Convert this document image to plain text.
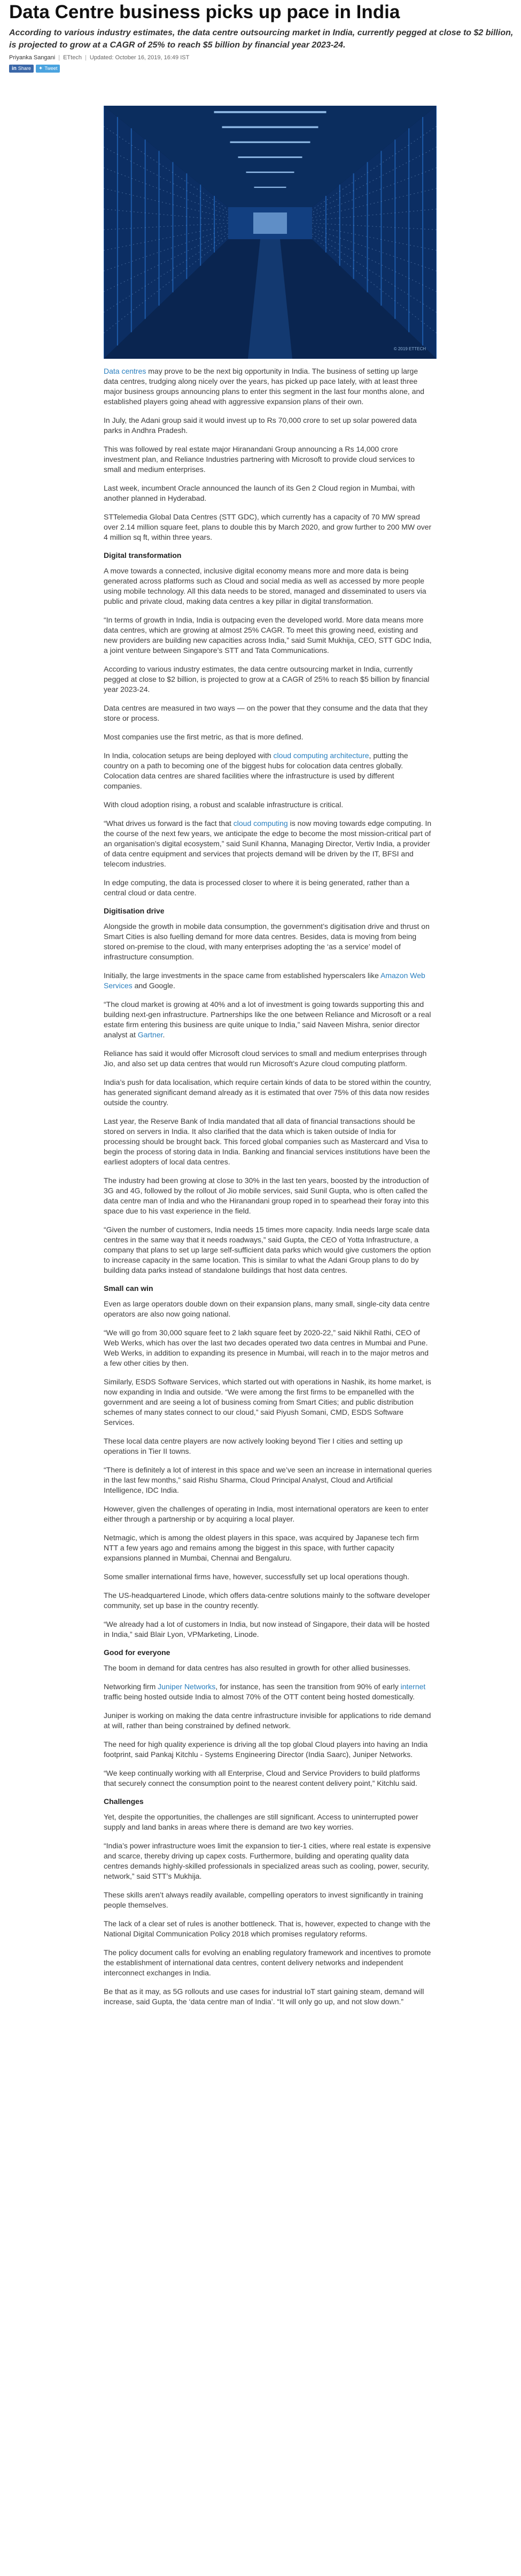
Data Centre business picks up pace in India

According to various industry estimates, the data centre outsourcing market in India, currently pegged at close to $2 billion, is projected to grow at a CAGR of 25% to reach $5 billion by financial year 2023-24.

Priyanka Sangani | ETtech | Updated: October 16, 2019, 16:49 IST
in Share ✦ Tweet
© 2019 ETTECH

Data centres may prove to be the next big opportunity in India. The business of setting up large data centres, trudging along nicely over the years, has picked up pace lately, with at least three major business groups announcing plans to enter this segment in the last four months alone, and established players going ahead with aggressive expansion plans of their own.

In July, the Adani group said it would invest up to Rs 70,000 crore to set up solar powered data parks in Andhra Pradesh.

This was followed by real estate major Hiranandani Group announcing a Rs 14,000 crore investment plan, and Reliance Industries partnering with Microsoft to provide cloud services to small and medium enterprises.

Last week, incumbent Oracle announced the launch of its Gen 2 Cloud region in Mumbai, with another planned in Hyderabad.

STTelemedia Global Data Centres (STT GDC), which currently has a capacity of 70 MW spread over 2.14 million square feet, plans to double this by March 2020, and grow further to 200 MW over 4 million sq ft, within three years.

Digital transformation

A move towards a connected, inclusive digital economy means more and more data is being generated across platforms such as Cloud and social media as well as accessed by more people using mobile technology. All this data needs to be stored, managed and disseminated to users via public and private cloud, making data centres a key pillar in digital transformation.

“In terms of growth in India, India is outpacing even the developed world. More data means more data centres, which are growing at almost 25% CAGR. To meet this growing need, existing and new providers are building new capacities across India,” said Sumit Mukhija, CEO, STT GDC India, a joint venture between Singapore’s STT and Tata Communications.

According to various industry estimates, the data centre outsourcing market in India, currently pegged at close to $2 billion, is projected to grow at a CAGR of 25% to reach $5 billion by financial year 2023-24.

Data centres are measured in two ways — on the power that they consume and the data that they store or process.

Most companies use the first metric, as that is more defined.

In India, colocation setups are being deployed with cloud computing architecture, putting the country on a path to becoming one of the biggest hubs for colocation data centres globally. Colocation data centres are shared facilities where the infrastructure is used by different companies.

With cloud adoption rising, a robust and scalable infrastructure is critical.

“What drives us forward is the fact that cloud computing is now moving towards edge computing. In the course of the next few years, we anticipate the edge to become the most mission-critical part of an organisation’s digital ecosystem,” said Sunil Khanna, Managing Director, Vertiv India, a provider of data centre equipment and services that projects demand will be driven by the IT, BFSI and telecom industries.

In edge computing, the data is processed closer to where it is being generated, rather than a central cloud or data centre.

Digitisation drive

Alongside the growth in mobile data consumption, the government’s digitisation drive and thrust on Smart Cities is also fuelling demand for more data centres. Besides, data is moving from being stored on-premise to the cloud, with many enterprises adopting the ‘as a service’ model of infrastructure consumption.

Initially, the large investments in the space came from established hyperscalers like Amazon Web Services and Google.

“The cloud market is growing at 40% and a lot of investment is going towards supporting this and building next-gen infrastructure. Partnerships like the one between Reliance and Microsoft or a real estate firm entering this business are quite unique to India,” said Naveen Mishra, senior director analyst at Gartner.

Reliance has said it would offer Microsoft cloud services to small and medium enterprises through Jio, and also set up data centres that would run Microsoft’s Azure cloud computing platform.

India’s push for data localisation, which require certain kinds of data to be stored within the country, has generated significant demand already as it is estimated that over 75% of this data now resides outside the country.

Last year, the Reserve Bank of India mandated that all data of financial transactions should be stored on servers in India. It also clarified that the data which is taken outside of India for processing should be brought back. This forced global companies such as Mastercard and Visa to begin the process of storing data in India. Banking and financial services institutions have been the earliest adopters of local data centres.

The industry had been growing at close to 30% in the last ten years, boosted by the introduction of 3G and 4G, followed by the rollout of Jio mobile services, said Sunil Gupta, who is often called the data centre man of India and who the Hiranandani group roped in to spearhead their foray into this space due to his vast experience in the field.

“Given the number of customers, India needs 15 times more capacity. India needs large scale data centres in the same way that it needs roadways,” said Gupta, the CEO of Yotta Infrastructure, a company that plans to set up large self-sufficient data parks which would give customers the option to increase capacity in the same location. This is similar to what the Adani Group plans to do by building data parks instead of standalone buildings that host data centres.

Small can win

Even as large operators double down on their expansion plans, many small, single-city data centre operators are also now going national.

“We will go from 30,000 square feet to 2 lakh square feet by 2020-22,” said Nikhil Rathi, CEO of Web Werks, which has over the last two decades operated two data centres in Mumbai and Pune. Web Werks, in addition to expanding its presence in Mumbai, will reach in to the major metros and a few other cities by then.

Similarly, ESDS Software Services, which started out with operations in Nashik, its home market, is now expanding in India and outside. “We were among the first firms to be empanelled with the government and are seeing a lot of business coming from Smart Cities; and public distribution schemes of many states connect to our cloud,” said Piyush Somani, CMD, ESDS Software Services.

These local data centre players are now actively looking beyond Tier I cities and setting up operations in Tier II towns.

“There is definitely a lot of interest in this space and we’ve seen an increase in international queries in the last few months,” said Rishu Sharma, Cloud Principal Analyst, Cloud and Artificial Intelligence, IDC India.

However, given the challenges of operating in India, most international operators are keen to enter either through a partnership or by acquiring a local player.

Netmagic, which is among the oldest players in this space, was acquired by Japanese tech firm NTT a few years ago and remains among the biggest in this space, with further capacity expansions planned in Mumbai, Chennai and Bengaluru.

Some smaller international firms have, however, successfully set up local operations though.

The US-headquartered Linode, which offers data-centre solutions mainly to the software developer community, set up base in the country recently.

“We already had a lot of customers in India, but now instead of Singapore, their data will be hosted in India,” said Blair Lyon, VPMarketing, Linode.

Good for everyone

The boom in demand for data centres has also resulted in growth for other allied businesses.

Networking firm Juniper Networks, for instance, has seen the transition from 90% of early internet traffic being hosted outside India to almost 70% of the OTT content being hosted domestically.

Juniper is working on making the data centre infrastructure invisible for applications to ride demand at will, rather than being constrained by defined network.

The need for high quality experience is driving all the top global Cloud players into having an India footprint, said Pankaj Kitchlu - Systems Engineering Director (India Saarc), Juniper Networks.

“We keep continually working with all Enterprise, Cloud and Service Providers to build platforms that securely connect the consumption point to the nearest content delivery point,” Kitchlu said.

Challenges

Yet, despite the opportunities, the challenges are still significant. Access to uninterrupted power supply and land banks in areas where there is demand are two key worries.

“India’s power infrastructure woes limit the expansion to tier-1 cities, where real estate is expensive and scarce, thereby driving up capex costs. Furthermore, building and operating quality data centres demands highly-skilled professionals in specialized areas such as cooling, power, security, network,” said STT’s Mukhija.

These skills aren’t always readily available, compelling operators to invest significantly in training people themselves.

The lack of a clear set of rules is another bottleneck. That is, however, expected to change with the National Digital Communication Policy 2018 which promises regulatory reforms.

The policy document calls for evolving an enabling regulatory framework and incentives to promote the establishment of international data centres, content delivery networks and independent interconnect exchanges in India.

Be that as it may, as 5G rollouts and use cases for industrial IoT start gaining steam, demand will increase, said Gupta, the ‘data centre man of India’. “It will only go up, and not slow down.”
